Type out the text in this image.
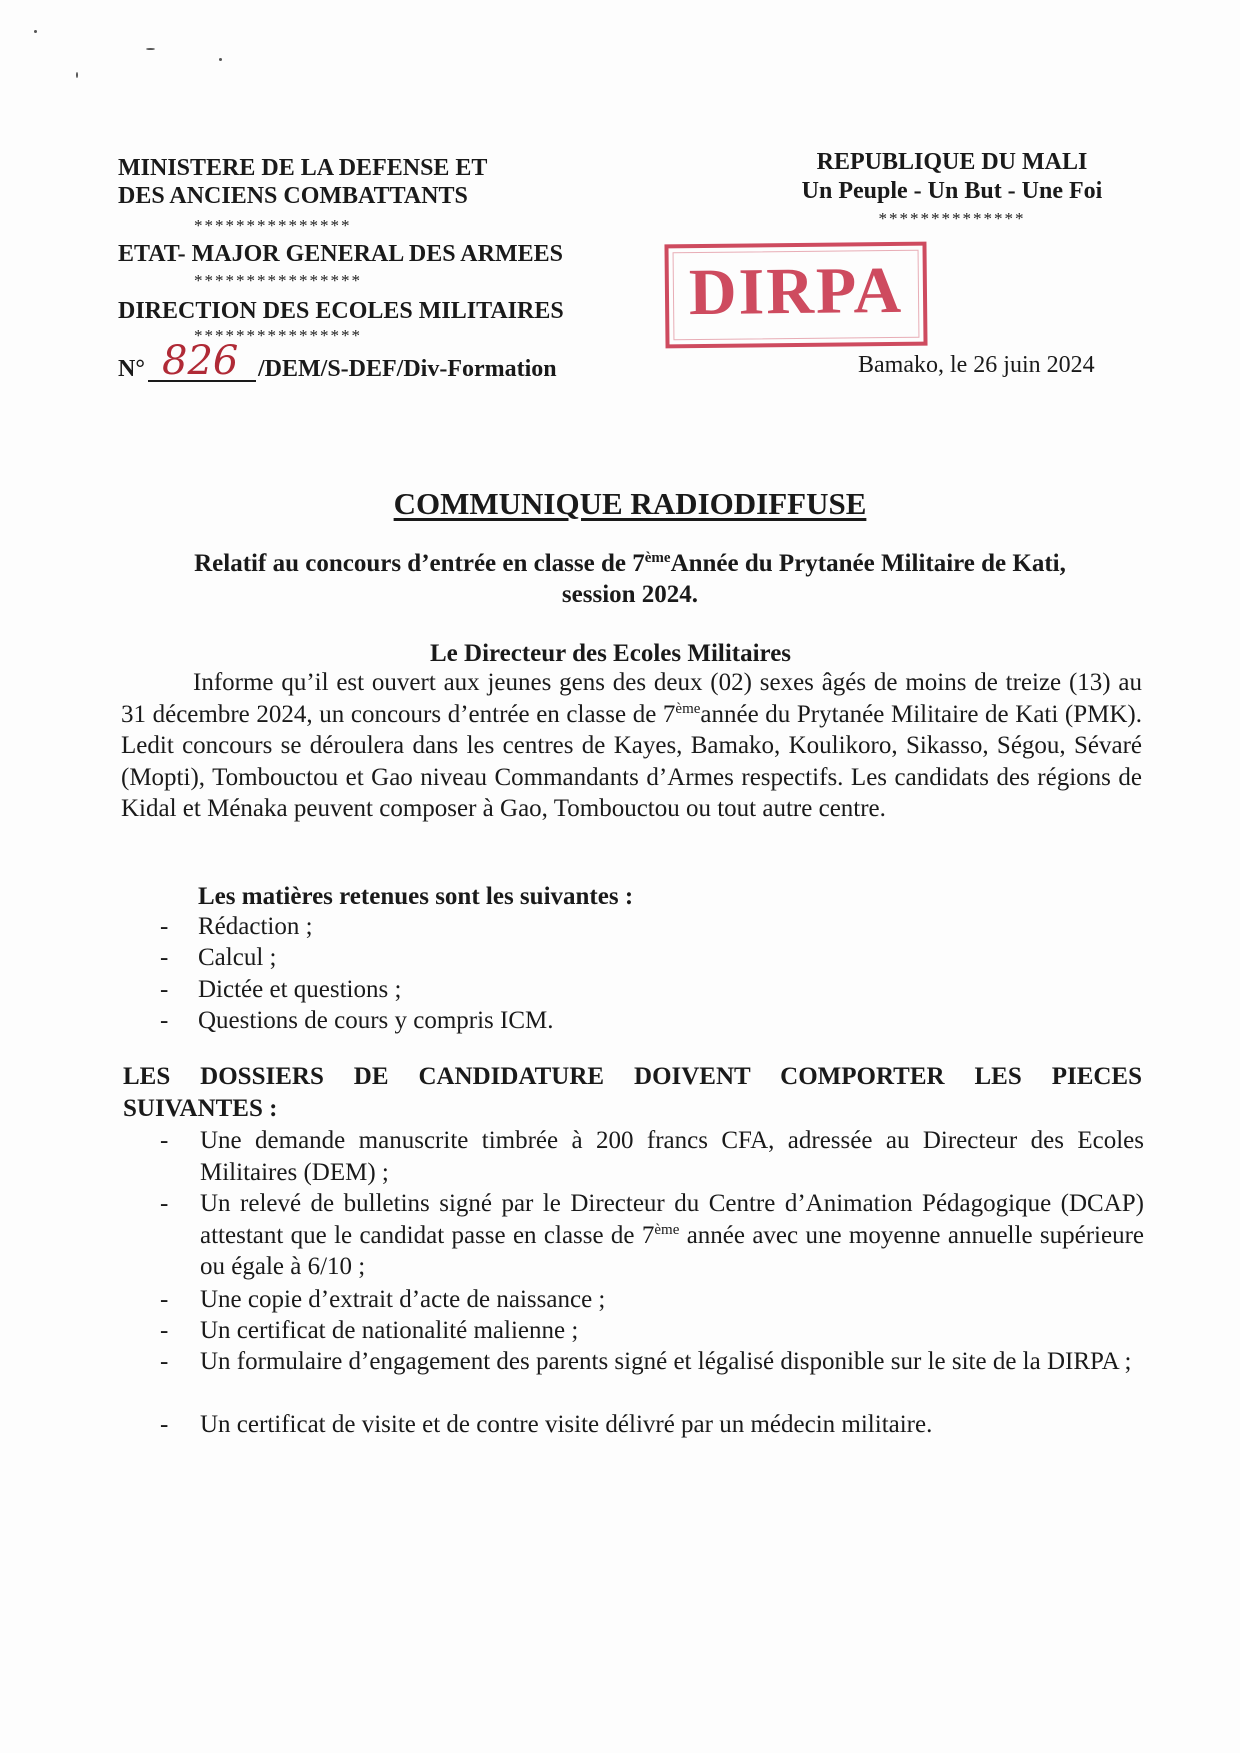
MINISTERE DE LA DEFENSE ET
DES ANCIENS COMBATTANTS
***************
ETAT- MAJOR GENERAL DES ARMEES
****************
DIRECTION DES ECOLES MILITAIRES
****************
N° 826 /DEM/S-DEF/Div-Formation
REPUBLIQUE DU MALI
Un Peuple - Un But - Une Foi
**************
DIRPA
Bamako, le 26 juin 2024
COMMUNIQUE RADIODIFFUSE
Relatif au concours d’entrée en classe de 7èmeAnnée du Prytanée Militaire de Kati,
session 2024.
Le Directeur des Ecoles Militaires
Informe qu’il est ouvert aux jeunes gens des deux (02) sexes âgés de moins de treize (13) au 31 décembre 2024, un concours d’entrée en classe de 7èmeannée du Prytanée Militaire de Kati (PMK). Ledit concours se déroulera dans les centres de Kayes, Bamako, Koulikoro, Sikasso, Ségou, Sévaré (Mopti), Tombouctou et Gao niveau Commandants d’Armes respectifs. Les candidats des régions de Kidal et Ménaka peuvent composer à Gao, Tombouctou ou tout autre centre.
Les matières retenues sont les suivantes :
- Rédaction ;
- Calcul ;
- Dictée et questions ;
- Questions de cours y compris ICM.
LES DOSSIERS DE CANDIDATURE DOIVENT COMPORTER LES PIECES
SUIVANTES :
- Une demande manuscrite timbrée à 200 francs CFA, adressée au Directeur des Ecoles Militaires (DEM) ;
- Un relevé de bulletins signé par le Directeur du Centre d’Animation Pédagogique (DCAP) attestant que le candidat passe en classe de 7ème année avec une moyenne annuelle supérieure ou égale à 6/10 ;
- Une copie d’extrait d’acte de naissance ;
- Un certificat de nationalité malienne ;
- Un formulaire d’engagement des parents signé et légalisé disponible sur le site de la DIRPA ;
- Un certificat de visite et de contre visite délivré par un médecin militaire.
